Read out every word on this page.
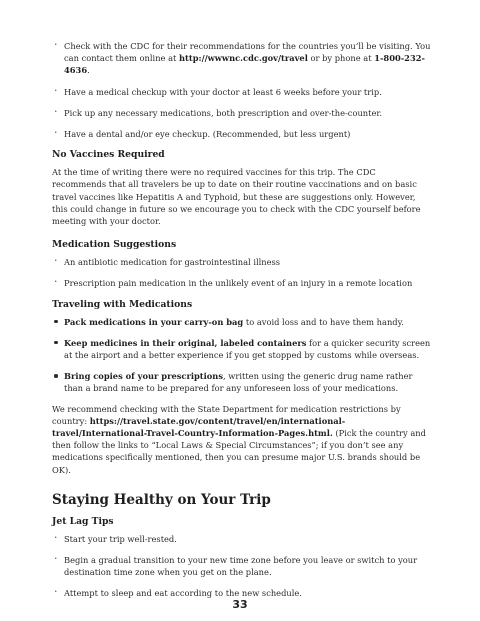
· Check with the CDC for their recommendations for the countries you’ll be visiting. You can contact them online at http://wwwnc.cdc.gov/travel or by phone at 1-800-232-4636.
· Have a medical checkup with your doctor at least 6 weeks before your trip.
· Pick up any necessary medications, both prescription and over-the-counter.
· Have a dental and/or eye checkup. (Recommended, but less urgent)

No Vaccines Required

At the time of writing there were no required vaccines for this trip. The CDC recommends that all travelers be up to date on their routine vaccinations and on basic travel vaccines like Hepatitis A and Typhoid, but these are suggestions only. However, this could change in future so we encourage you to check with the CDC yourself before meeting with your doctor.

Medication Suggestions

· An antibiotic medication for gastrointestinal illness
· Prescription pain medication in the unlikely event of an injury in a remote location

Traveling with Medications

Pack medications in your carry-on bag to avoid loss and to have them handy.
Keep medicines in their original, labeled containers for a quicker security screen at the airport and a better experience if you get stopped by customs while overseas.
Bring copies of your prescriptions, written using the generic drug name rather than a brand name to be prepared for any unforeseen loss of your medications.

We recommend checking with the State Department for medication restrictions by country: https://travel.state.gov/content/travel/en/international-travel/International-Travel-Country-Information-Pages.html. (Pick the country and then follow the links to “Local Laws & Special Circumstances”; if you don’t see any medications specifically mentioned, then you can presume major U.S. brands should be OK).

Staying Healthy on Your Trip

Jet Lag Tips

· Start your trip well-rested.
· Begin a gradual transition to your new time zone before you leave or switch to your destination time zone when you get on the plane.
· Attempt to sleep and eat according to the new schedule.
33
